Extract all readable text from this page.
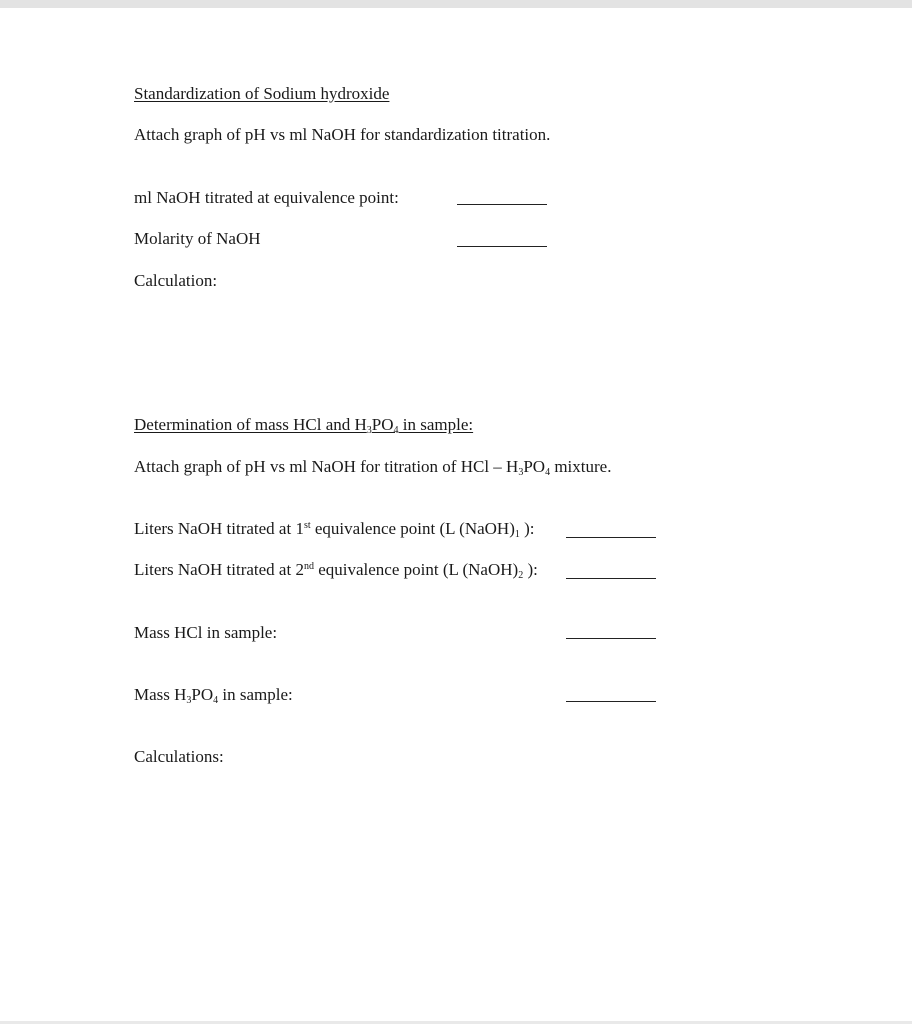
Standardization of Sodium hydroxide
Attach graph of pH vs ml NaOH for standardization titration.
ml NaOH titrated at equivalence point:
Molarity of NaOH
Calculation:
Determination of mass HCl and $H_3PO_4$ in sample:
Attach graph of pH vs ml NaOH for titration of HCl – $H_3PO_4$ mixture.
Liters NaOH titrated at 1st equivalence point (L $(NaOH)_1$ ):
Liters NaOH titrated at 2nd equivalence point (L $(NaOH)_2$ ):
Mass HCl in sample:
Mass $H_3PO_4$ in sample:
Calculations:
